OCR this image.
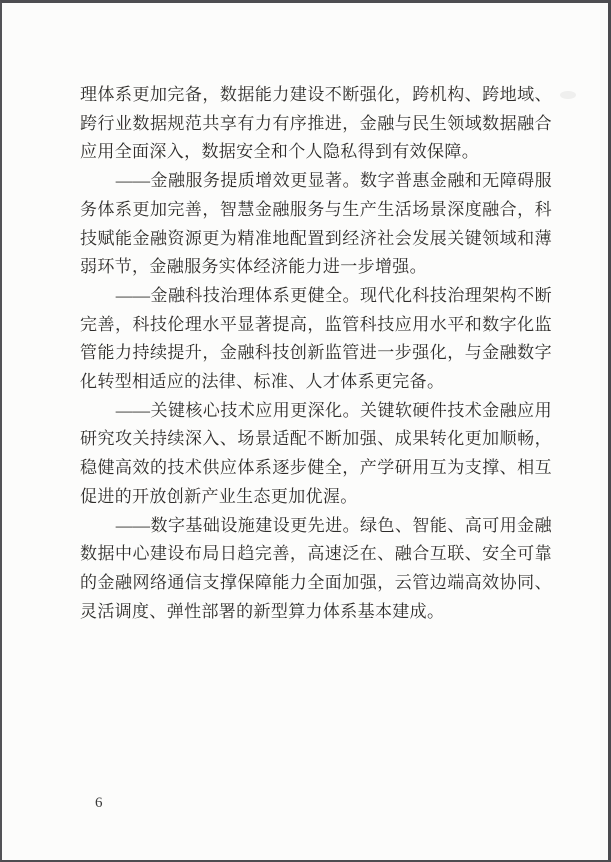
理体系更加完备，数据能力建设不断强化，跨机构、跨地域、跨行业数据规范共享有力有序推进，金融与民生领域数据融合应用全面深入，数据安全和个人隐私得到有效保障。

——金融服务提质增效更显著。数字普惠金融和无障碍服务体系更加完善，智慧金融服务与生产生活场景深度融合，科技赋能金融资源更为精准地配置到经济社会发展关键领域和薄弱环节，金融服务实体经济能力进一步增强。

——金融科技治理体系更健全。现代化科技治理架构不断完善，科技伦理水平显著提高，监管科技应用水平和数字化监管能力持续提升，金融科技创新监管进一步强化，与金融数字化转型相适应的法律、标准、人才体系更完备。

——关键核心技术应用更深化。关键软硬件技术金融应用研究攻关持续深入、场景适配不断加强、成果转化更加顺畅，稳健高效的技术供应体系逐步健全，产学研用互为支撑、相互促进的开放创新产业生态更加优渥。

——数字基础设施建设更先进。绿色、智能、高可用金融数据中心建设布局日趋完善，高速泛在、融合互联、安全可靠的金融网络通信支撑保障能力全面加强，云管边端高效协同、灵活调度、弹性部署的新型算力体系基本建成。

6
